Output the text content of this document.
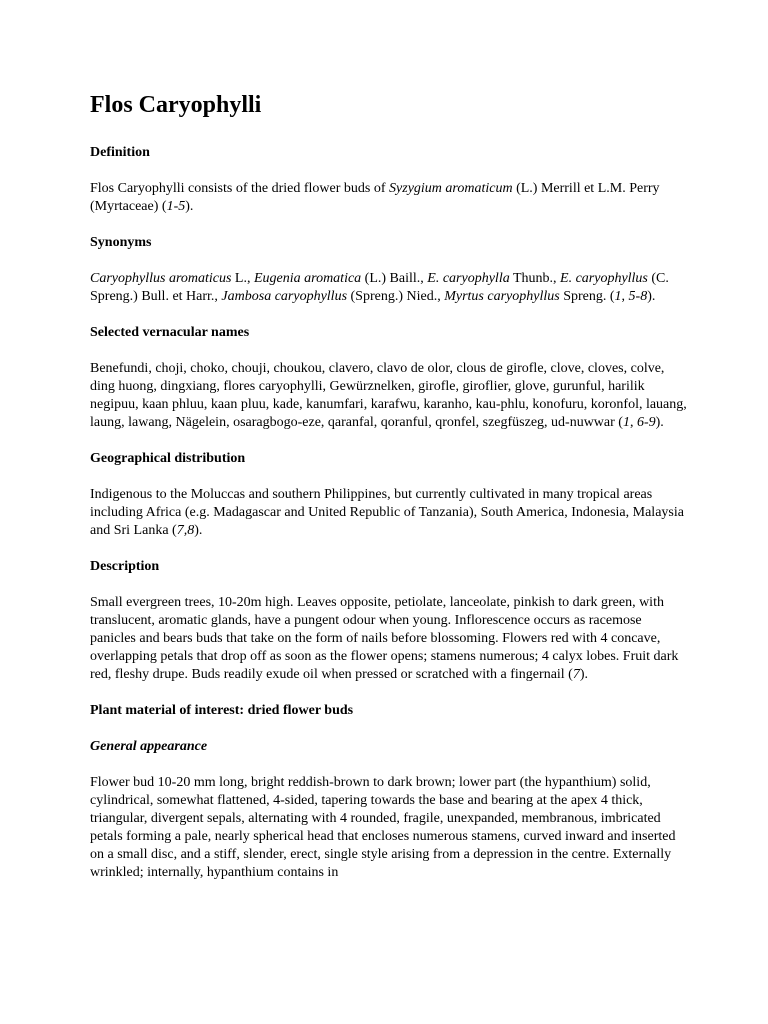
Flos Caryophylli
Definition

Flos Caryophylli consists of the dried flower buds of Syzygium aromaticum (L.) Merrill et L.M. Perry (Myrtaceae) (1-5).

Synonyms

Caryophyllus aromaticus L., Eugenia aromatica (L.) Baill., E. caryophylla Thunb., E. caryophyllus (C. Spreng.) Bull. et Harr., Jambosa caryophyllus (Spreng.) Nied., Myrtus caryophyllus Spreng. (1, 5-8).

Selected vernacular names

Benefundi, choji, choko, chouji, choukou, clavero, clavo de olor, clous de girofle, clove, cloves, colve, ding huong, dingxiang, flores caryophylli, Gewürznelken, girofle, giroflier, glove, gurunful, harilik negipuu, kaan phluu, kaan pluu, kade, kanumfari, karafwu, karanho, kau-phlu, konofuru, koronfol, lauang, laung, lawang, Nägelein, osaragbogo-eze, qaranfal, qoranful, qronfel, szegfüszeg, ud-nuwwar (1, 6-9).

Geographical distribution

Indigenous to the Moluccas and southern Philippines, but currently cultivated in many tropical areas including Africa (e.g. Madagascar and United Republic of Tanzania), South America, Indonesia, Malaysia and Sri Lanka (7,8).

Description

Small evergreen trees, 10-20m high. Leaves opposite, petiolate, lanceolate, pinkish to dark green, with translucent, aromatic glands, have a pungent odour when young. Inflorescence occurs as racemose panicles and bears buds that take on the form of nails before blossoming. Flowers red with 4 concave, overlapping petals that drop off as soon as the flower opens; stamens numerous; 4 calyx lobes. Fruit dark red, fleshy drupe. Buds readily exude oil when pressed or scratched with a fingernail (7).

Plant material of interest: dried flower buds
General appearance

Flower bud 10-20 mm long, bright reddish-brown to dark brown; lower part (the hypanthium) solid, cylindrical, somewhat flattened, 4-sided, tapering towards the base and bearing at the apex 4 thick, triangular, divergent sepals, alternating with 4 rounded, fragile, unexpanded, membranous, imbricated petals forming a pale, nearly spherical head that encloses numerous stamens, curved inward and inserted on a small disc, and a stiff, slender, erect, single style arising from a depression in the centre. Externally wrinkled; internally, hypanthium contains in
